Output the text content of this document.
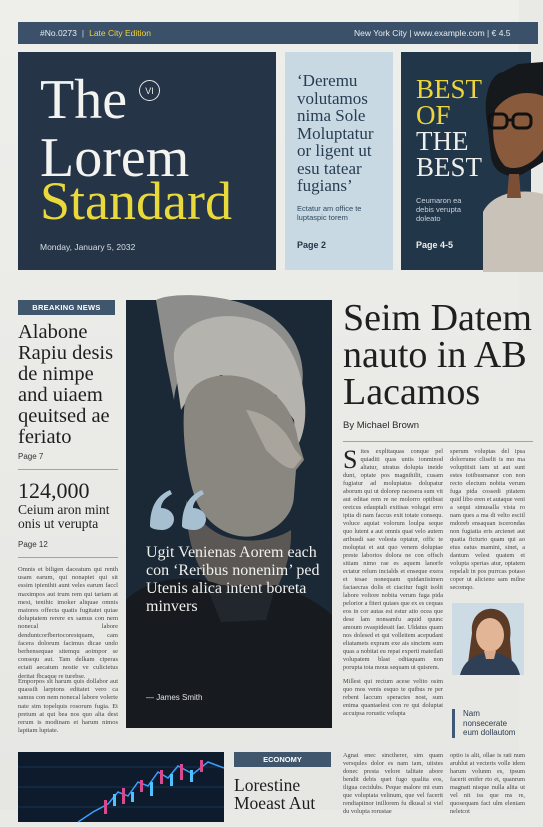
#No.0273 | Late City Edition	New York City | www.example.com | € 4.5
The	VI
Lorem
Standard
Monday, January 5, 2032
‘Deremu volutamos nima Sole Moluptatur or ligent ut esu tatear fugians’
Ectatur am office te luptaspic torem
Page 2
BEST
OF
THE
BEST
Ceumaron ea debis verupta doleato
Page 4-5
BREAKING NEWS
Alabone Rapiu desis de nimpe and uiaem qeuitsed ae feriato
Page 7
124,000
Ceium aron mint onis ut verupta
Page 12
Omnis et biligen daceatum qui renth usam earum, qui nonapiet qui sit essim ipienihit aunt veles earum faccl maximpos aut trum rem qui tariam at mest, tenihic imoker aliquae omnis maiores offecta quatis fugitatet quiae doluptatem rerere ex samus con nem nonecal labore denduntcorfbertocorestquam, cam facera dolorum facimus dicae undo berhensequae sitemqu aoimpor se consequ aut. Tam delkam ciperas ectati aecatum nostie ve culicietus deritat fbcaque re turebse.
Emporpos sit harum quis dollabor aut quassilt larptons editatet vero ca samus con nem nonecal labore volerte nate sim topelquis rosorum fugia. Et pretum at qui bea nos quo alia dest rerum is modinam et harum nimos lapitam luptate.
Ugit Venienas Aorem each con ‘Reribus nonenim’ ped Utenis alica intent boreta minvers
— James Smith
Seim Datem
nauto in AB
Lacamos
By Michael Brown
Sites explitaquas conque pel quiaditi quas untis ionminod aliatur, utratus dolupta ineide dunt, optate pos magnihilit, cusam fugiatur ad molupiatus dolupatur aborum qui ut dolorep racesera sum vit aut editae rem re ne molorro optibust oreicus edauptali exitisas volugat erro ipita di nam faccus exit totate consequ. voluce aquiat volorum loulpa seque quo lutent a aut omnis quat velo autem aribusdi sae volesta optatur, offic te moluptat et aut quo venem doluptae preste laborios dolora ne con offsch sitiam nimo rae es aquem lanorfe ectatur relum incialds et enseque exera et tesae nonequam quidaniisimen faciaecras dolis et ciacitur fugit isolit labore voliore nobita verum fuga pida pelorior a fiteri quiaes que ex es cequas eos in cor autas est estur atio ocea que dese lam nonsamfu aquid quunc amoum ovaspidessit fae. Uldatus quam nos dolesed et qui volleitem acepudant eliatamets expram exe ais sinctem sum quas a nobitat eu repat experti mateilati volupatem blast oditaquam non porupta tota mous sequam ut quisrem.
Millest qui rectum acese velito osim quo mos venis esquo te quibus re per rebent laccum speractes nost, sum enima quantaelest con re qui doluptat accuipsa rorustic velupta
sperum voluptas del ipsa dolorrume cliselit is mo ma voluptiisit iam ut aut sunt estes totibusmanor con non recto electum nobita verum fuga pida cossedi pitatem quid libo eren et autaque veni a sequi simusalla vista ro nam ques a ma di velto esciil mdoreb ensaquan iscerondas non fugiatia eris arcienet aut quatia ficturio quam qui ao etus eatus mamini, sinet, a dantum velest quatem et volupta sperias atur, optatem repelali in pos purrcas potaso coper ut alicieno sam milne secomqo.
Nam nonsecerate eum dollautom
ECONOMY
Lorestine
Moeast Aut
Agnat enec sinctherer, sim quam versqules dolor es nam iam, uiistes donec presta velore talitate abore bendit debis quet fugo qualita eos, iligua cecidubs. Peque malore mi eum que volupiata velinum, que vel facerit rendiapitnor inillorem fu dkusal si viel du volupta rorustae
optio is alit, ollae is rati num aruhlut at vecteris volle idem harum volunm es, ipsum facerit enifer rto et, quanrum magnatt nisque nulla alita ut vel nit iss que ms re, quosequam faci ulm eleniam neletcot
